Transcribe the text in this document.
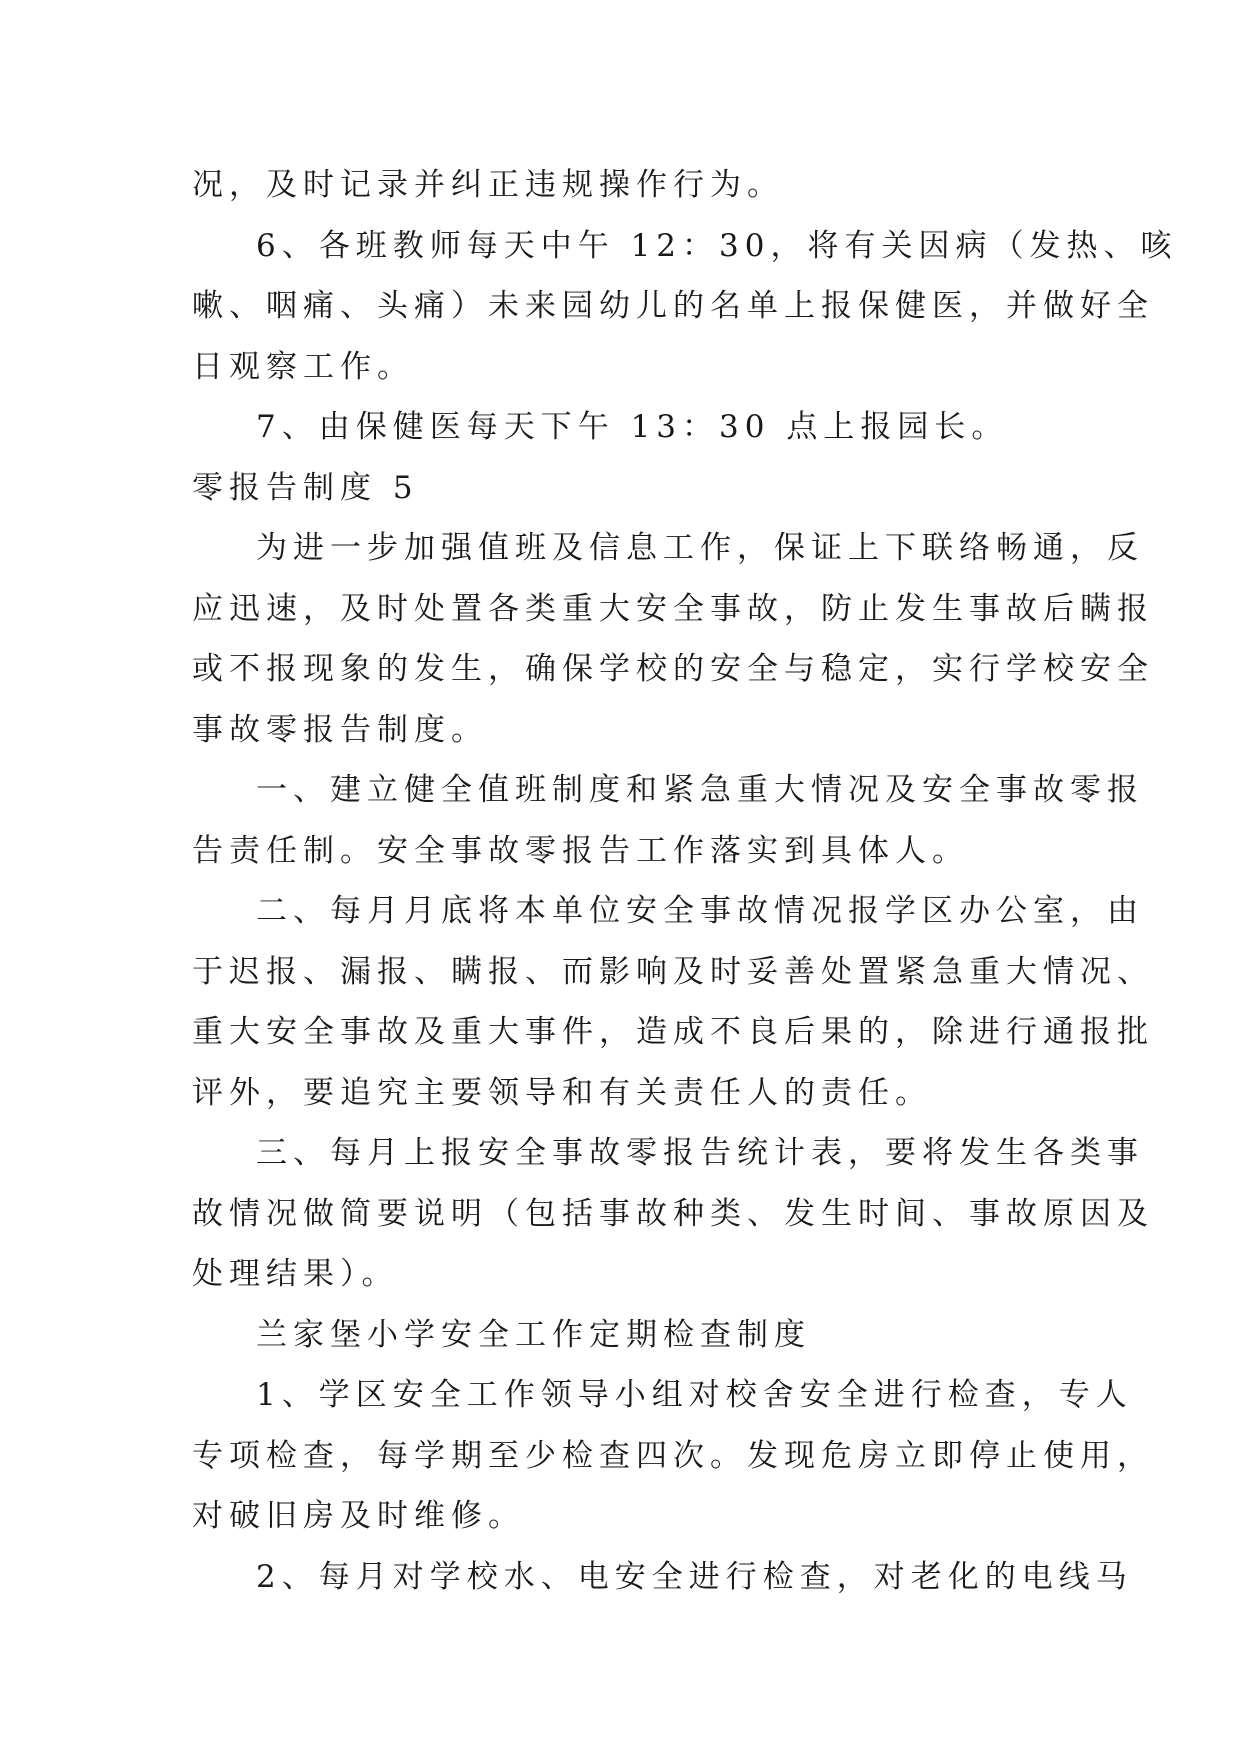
况，及时记录并纠正违规操作行为。
6、各班教师每天中午 12：30，将有关因病（发热、咳
嗽、咽痛、头痛）未来园幼儿的名单上报保健医，并做好全
日观察工作。
7、由保健医每天下午 13：30 点上报园长。
零报告制度 5
为进一步加强值班及信息工作，保证上下联络畅通，反
应迅速，及时处置各类重大安全事故，防止发生事故后瞒报
或不报现象的发生，确保学校的安全与稳定，实行学校安全
事故零报告制度。
一、建立健全值班制度和紧急重大情况及安全事故零报
告责任制。安全事故零报告工作落实到具体人。
二、每月月底将本单位安全事故情况报学区办公室，由
于迟报、漏报、瞒报、而影响及时妥善处置紧急重大情况、
重大安全事故及重大事件，造成不良后果的，除进行通报批
评外，要追究主要领导和有关责任人的责任。
三、每月上报安全事故零报告统计表，要将发生各类事
故情况做简要说明（包括事故种类、发生时间、事故原因及
处理结果）。
兰家堡小学安全工作定期检查制度
1、学区安全工作领导小组对校舍安全进行检查，专人
专项检查，每学期至少检查四次。发现危房立即停止使用，
对破旧房及时维修。
2、每月对学校水、电安全进行检查，对老化的电线马
